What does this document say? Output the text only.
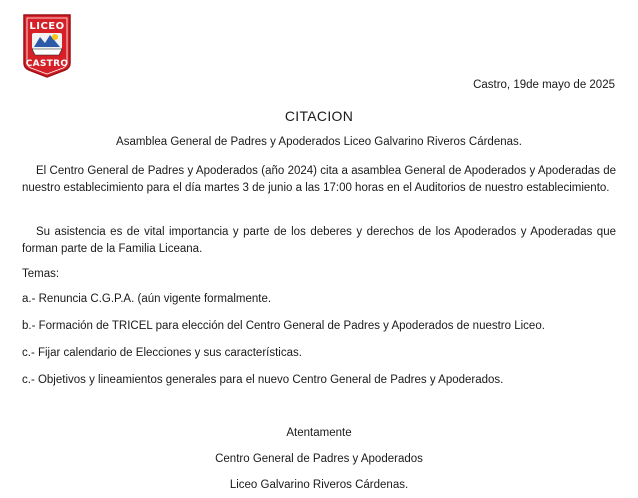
LICEO
CASTRO
Castro, 19de mayo de 2025
CITACION
Asamblea General de Padres y Apoderados Liceo Galvarino Riveros Cárdenas.
El Centro General de Padres y Apoderados (año 2024) cita a asamblea General de Apoderados y Apoderadas de nuestro establecimiento para el día martes 3 de junio a las 17:00 horas en el Auditorios de nuestro establecimiento.
Su asistencia es de vital importancia y parte de los deberes y derechos de los Apoderados y Apoderadas que forman parte de la Familia Liceana.
Temas:
a.- Renuncia C.G.P.A. (aún vigente formalmente.
b.- Formación de TRICEL para elección del Centro General de Padres y Apoderados de nuestro Liceo.
c.- Fijar calendario de Elecciones y sus características.
c.- Objetivos y lineamientos generales para el nuevo Centro General de Padres y Apoderados.
Atentamente
Centro General de Padres y Apoderados
Liceo Galvarino Riveros Cárdenas.
